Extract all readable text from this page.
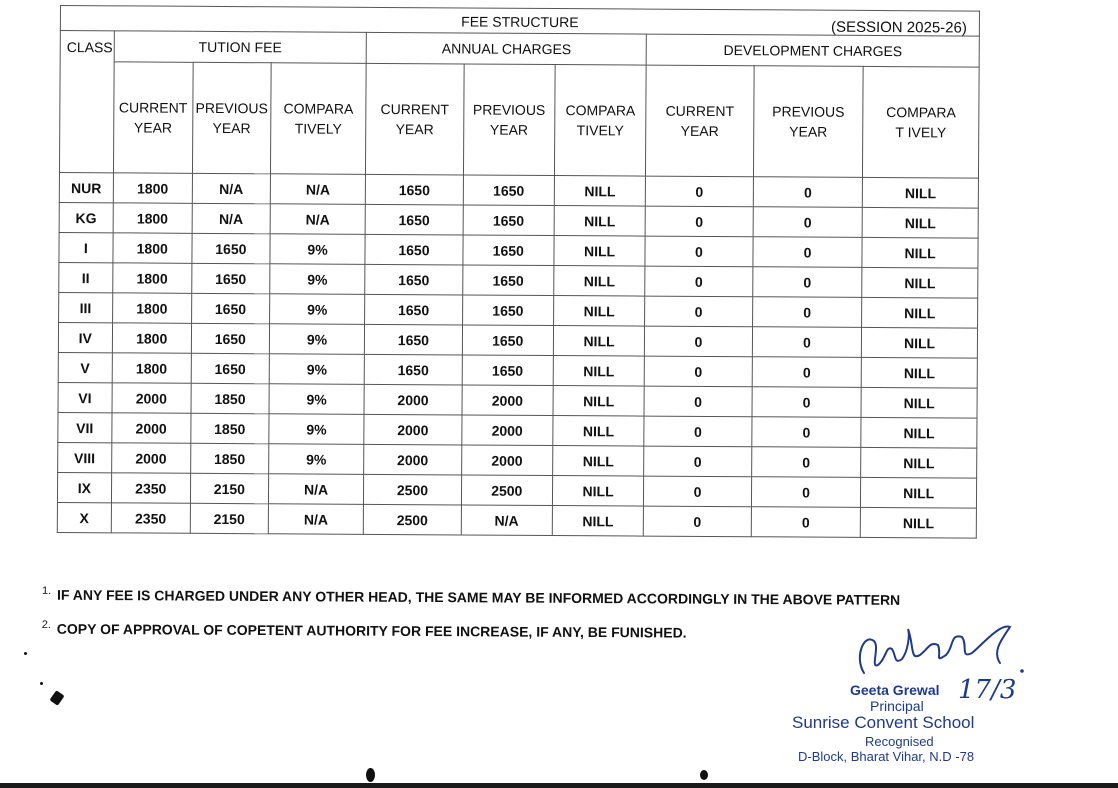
FEE STRUCTURE (SESSION 2025-26)									

CLASS	TUTION FEE			ANNUAL CHARGES			DEVELOPMENT CHARGES		
	CURRENT YEAR	PREVIOUS YEAR	COMPARA TIVELY	CURRENT YEAR	PREVIOUS YEAR	COMPARA TIVELY	CURRENT YEAR	PREVIOUS YEAR	COMPARAT IVELY
NUR	1800	N/A	N/A	1650	1650	NILL	0	0	NILL
KG	1800	N/A	N/A	1650	1650	NILL	0	0	NILL
I	1800	1650	9%	1650	1650	NILL	0	0	NILL
II	1800	1650	9%	1650	1650	NILL	0	0	NILL
III	1800	1650	9%	1650	1650	NILL	0	0	NILL
IV	1800	1650	9%	1650	1650	NILL	0	0	NILL
V	1800	1650	9%	1650	1650	NILL	0	0	NILL
VI	2000	1850	9%	2000	2000	NILL	0	0	NILL
VII	2000	1850	9%	2000	2000	NILL	0	0	NILL
VIII	2000	1850	9%	2000	2000	NILL	0	0	NILL
IX	2350	2150	N/A	2500	2500	NILL	0	0	NILL
X	2350	2150	N/A	2500	N/A	NILL	0	0	NILL
$^{1.}$ IF ANY FEE IS CHARGED UNDER ANY OTHER HEAD, THE SAME MAY BE INFORMED ACCORDINGLY IN THE ABOVE PATTERN
$^{2.}$ COPY OF APPROVAL OF COPETENT AUTHORITY FOR FEE INCREASE, IF ANY, BE FUNISHED.
Geeta Grewal
Principal
17/3
Sunrise Convent School
Recognised
D-Block, Bharat Vihar, N.D -78
